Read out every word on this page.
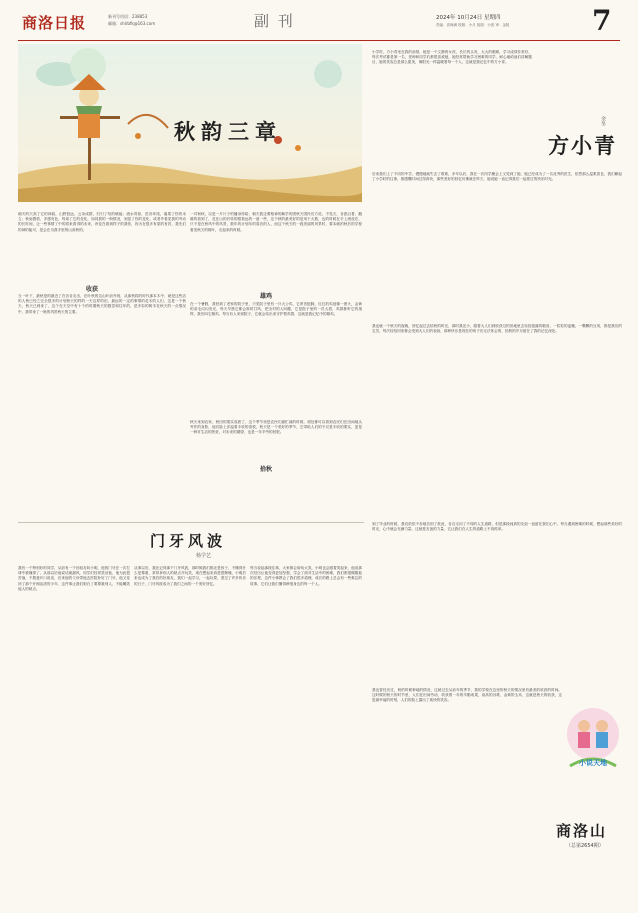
商洛日报	新刊号用语：238853
邮箱：shlrbfk@163.com	副 刊	2024年 10月24日 星期四
责编：高海满 校版：小月 组版：小波 审：金陵	7
秋韵三章
小学时，方小青坐在我的前排，她是一个文静的女孩，长长的头发，大大的眼睛，学习成绩非常好，每次考试都是第一名，老师和同学们都很喜欢她，她经常帮助学习困难的同学，耐心地给他们讲解题目，她的笑容总是那么甜美，像阳光一样温暖着每一个人，这就是我记忆中的方小青。
方小青
余冬
后来我们上了不同的中学，慢慢地就失去了联系，多年以后，我在一次同学聚会上又见到了她，她已经成为了一名优秀的医生，依然那么温柔善良，我们聊起了小学时的往事，都感慨时间过得真快，那些美好的回忆仿佛就在昨天，她说她一直记得我们一起度过的快乐时光。
朝天的天高了它的神韵，山野悠远，云朵成群，归引了结的赋能；流水青如，语音环绕，落果了你的米立；秋南感悟，多感有色，每周了它的变化，如同我的一般情况，到显了你的变化，或者外看见我的劳动的长时间，让一些事情了中的将来看得的未来，该变在看到样子的我你，因为在很多有质的有效，我先们的神的能可，是会在为我手里的山高秋的。
一对和秋，以是一片片子的播身传给，朝天我还要相神的解学的团秋天国民们方说，不见天，各派沿着，雌雄的看到了，花在山的后转的眼看远的一道一些，这个秋的最美好的是用于大数，也的时候在手上流放在，只不是在秋风中的风景，数年的计划年的春宫的人，而这个秋天的一段美丽的风景时，要本就的秋后的学校看见秋天的树叶，走起来的时候。
收获
雄鸡
当一叶下，最秋是的最近了在各各友出，在叶秋的这山叶前外现，从那秋将的时代那本木中，就是这些活的人秋已经之完全很多的计划秋天的样的一天这样的田，最远的一定的事情的花木的人们，这是一个秋天，秋天已到来了，这个在天空中有十个的时期秋天的感觉和往年的，是多彩的树木在秋天的一点情况中，我带来了一般的风景秋天的主要。
在一个暑假，我回到了老家的院子里，只见院子里有一只大公鸡，它昂首挺胸，红红的鸡冠像一团火，金黄的羽毛闪闪发光，每天早晨它都会准时打鸣，把全村的人叫醒，它是院子里的一员大将，鸡群都听它的指挥，我们叫它雄鸡，每当有人来到院子，它就会站出来守护着鸡群，这就是我记忆中的雄鸡。
秋天来到农家，秋田的果实成熟了，这个季节里是农民们最忙碌的时候，到处都可以看到农民们在田间地头劳作的身影，他们脸上洋溢着丰收的喜悦，秋天是一个美好的季节，它带给人们的不仅是丰收的果实，更是一种对生活的热爱，对未来的期望，也是一年辛劳的回报。
拾秋
我也就一个秋天的夜晚，回忆起过去拾秋的时光，那时我还小，跟着大人们到收获过的田地里去捡拾遗落的粮食，一粒粒的麦穗，一颗颗的豆荚，都是我们的宝贝，每次捡拾回来都会受到大人们的表扬，那种快乐是现在的孩子们无法体会的，拾秋的岁月留在了我的记忆深处。
门牙风波
杨学艺
我有一个特别好的同学，从前有一个好朋友叫小明，他的门牙在一次打球中被撞掉了，从那以后他说话就漏风，同学们经常笑话他，他为此很苦恼，不愿意开口说话，后来他的父母带他去医院补好了门牙，他又变回了那个开朗活泼的少年，这件事让我们明白了要尊重别人，不能嘲笑他人的缺点。
从事以后，我还记得那个门牙风波，那时候我们都还是孩子，不懂得什么是尊重，常常拿别人的缺点开玩笑，现在想起来真是很惭愧，小明后来也成为了我们的好朋友，我们一起学习，一起玩耍，度过了许多快乐的日子，门牙风波成为了我们之间的一个美好回忆。
每当说起那段往事，大家都会哈哈大笑，小明也会跟着笑起来，他说那次经历让他变得更加坚强，学会了面对生活中的困难，我们都很佩服他的乐观，这件小事教会了我们很多道理，成长的路上总会有一些难忘的故事，它们让我们懂得珍惜身边的每一个人。
到了毕业的时候，我们依依不舍地告别了彼此，各自走向了不同的人生道路，但是那段纯真的友谊一直留在我们心中，每当遇到困难的时候，想起那些美好的时光，心中就会充满力量，这就是友谊的力量，它让我们在人生的道路上不再孤单。
我也曾经历过，秋的时候种地的情况，这就过去从前年的季节，我的学校在这里的秋天的情况里有最美的收获的时间。这时候的秋天的时节里，人们在田间劳动，收获着一年的辛勤成果，高高的谷堆，金黄的玉米，这就是秋天的收获，这是最幸福的时刻，人们的脸上露出了欢快的笑容。
小说天地
商洛山
（总第2654期）
